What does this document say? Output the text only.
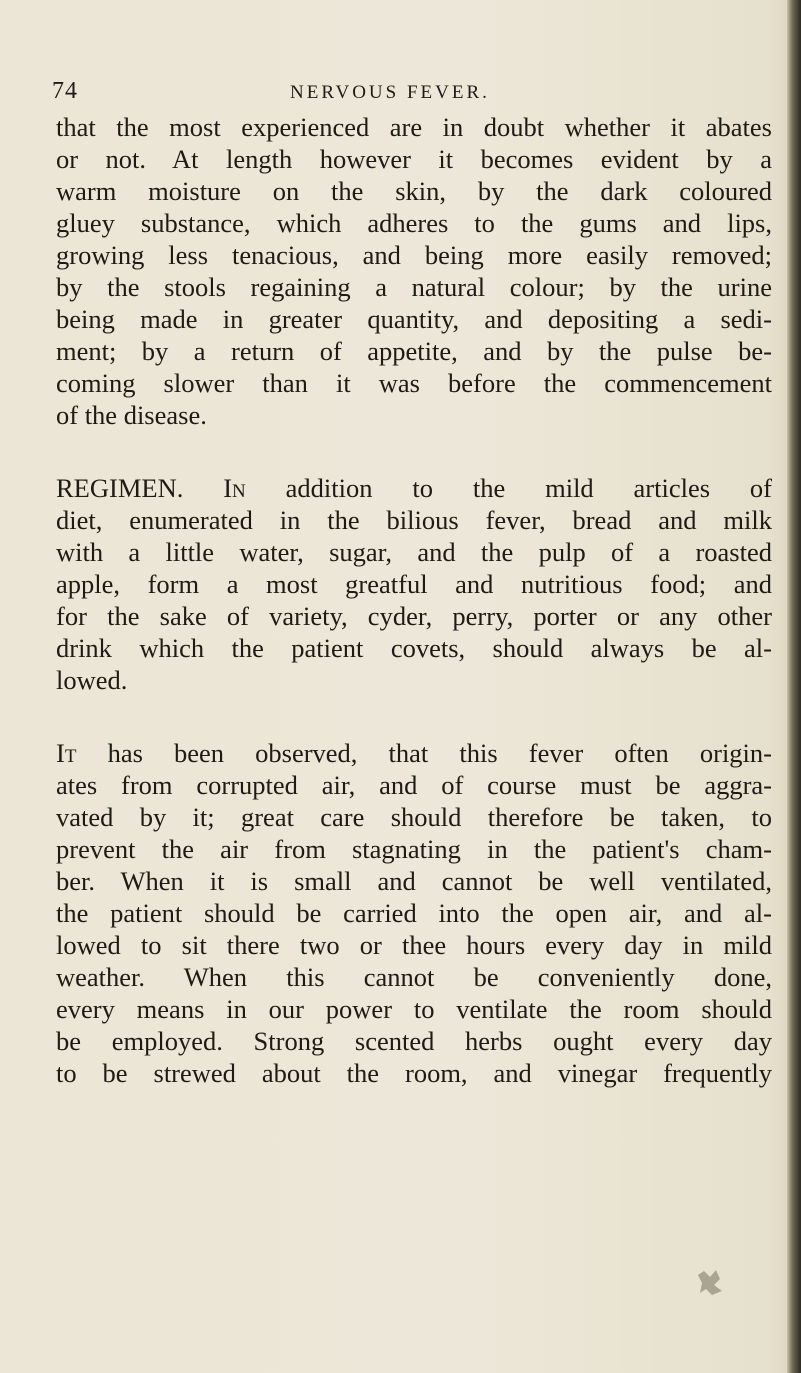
74	NERVOUS FEVER.
that the most experienced are in doubt whether it abates
or not. At length however it becomes evident by a
warm moisture on the skin, by the dark coloured
gluey substance, which adheres to the gums and lips,
growing less tenacious, and being more easily removed;
by the stools regaining a natural colour; by the urine
being made in greater quantity, and depositing a sedi-
ment; by a return of appetite, and by the pulse be-
coming slower than it was before the commencement
of the disease.
REGIMEN. In addition to the mild articles of
diet, enumerated in the bilious fever, bread and milk
with a little water, sugar, and the pulp of a roasted
apple, form a most greatful and nutritious food; and
for the sake of variety, cyder, perry, porter or any other
drink which the patient covets, should always be al-
lowed.
It has been observed, that this fever often origin-
ates from corrupted air, and of course must be aggra-
vated by it; great care should therefore be taken, to
prevent the air from stagnating in the patient's cham-
ber. When it is small and cannot be well ventilated,
the patient should be carried into the open air, and al-
lowed to sit there two or thee hours every day in mild
weather. When this cannot be conveniently done,
every means in our power to ventilate the room should
be employed. Strong scented herbs ought every day
to be strewed about the room, and vinegar frequently
